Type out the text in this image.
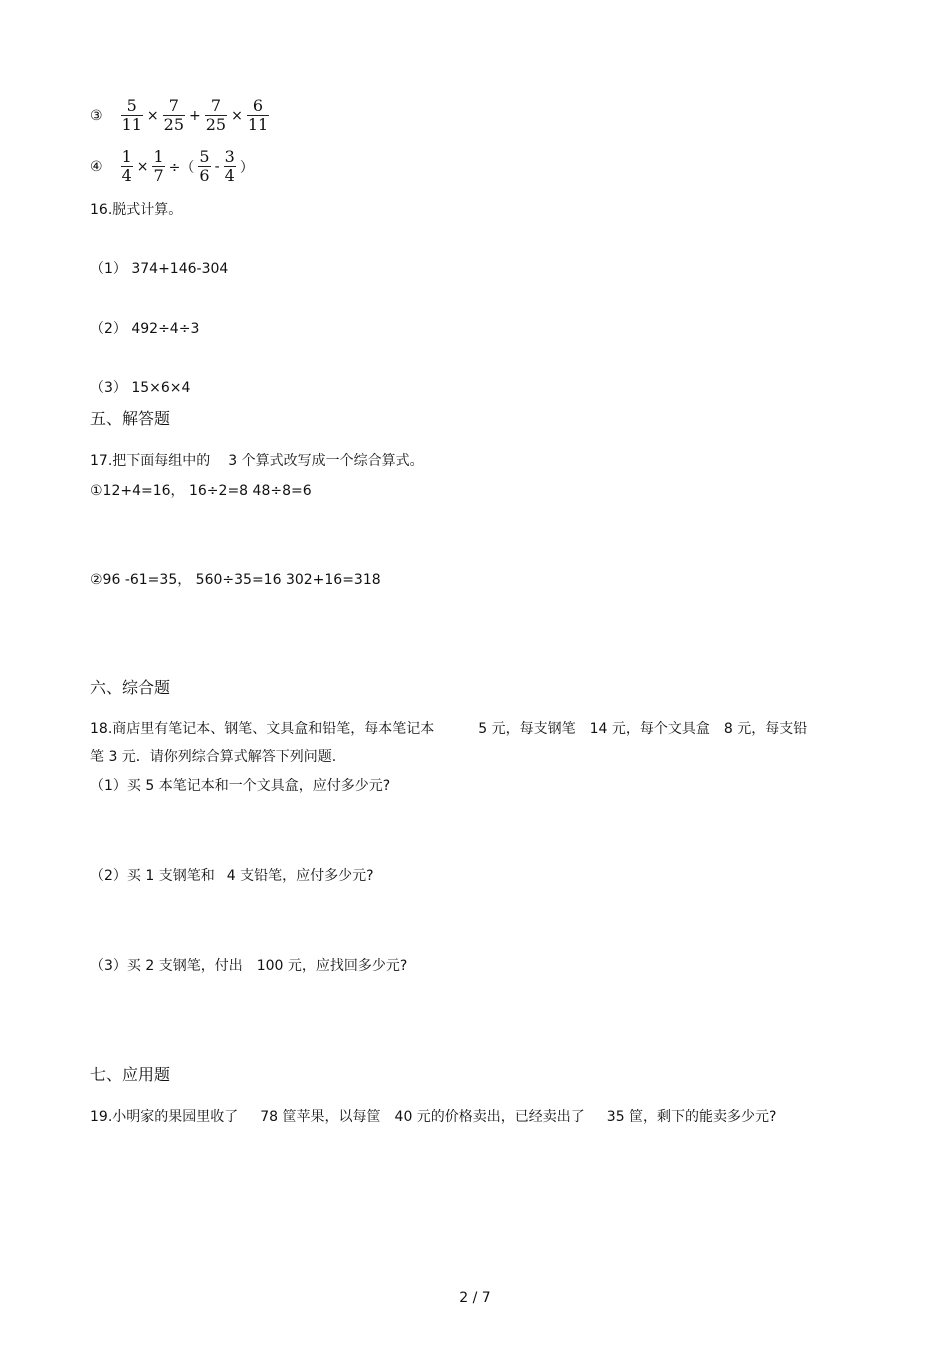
③ $\frac{5}{11} \times \frac{7}{25} + \frac{7}{25} \times \frac{6}{11}$
④ $\frac{1}{4} \times \frac{1}{7}$ ÷（ $\frac{5}{6} - \frac{3}{4}$ ）
16.脱式计算。
（1） 374+146-304
（2） 492÷4÷3
（3） 15×6×4
五、解答题
17.把下面每组中的 3 个算式改写成一个综合算式。
①12+4=16， 16÷2=8 48÷8=6
②96 -61=35， 560÷35=16 302+16=318
六、综合题
18.商店里有笔记本、钢笔、文具盒和铅笔，每本笔记本	5 元，每支钢笔 14 元，每个文具盒 8 元，每支铅
笔 3 元．请你列综合算式解答下列问题.
（1）买 5 本笔记本和一个文具盒，应付多少元?
（2）买 1 支钢笔和 4 支铅笔，应付多少元?
（3）买 2 支钢笔，付出 100 元，应找回多少元?
七、应用题
19.小明家的果园里收了 78 筐苹果，以每筐 40 元的价格卖出，已经卖出了 35 筐，剩下的能卖多少元?
2 / 7
